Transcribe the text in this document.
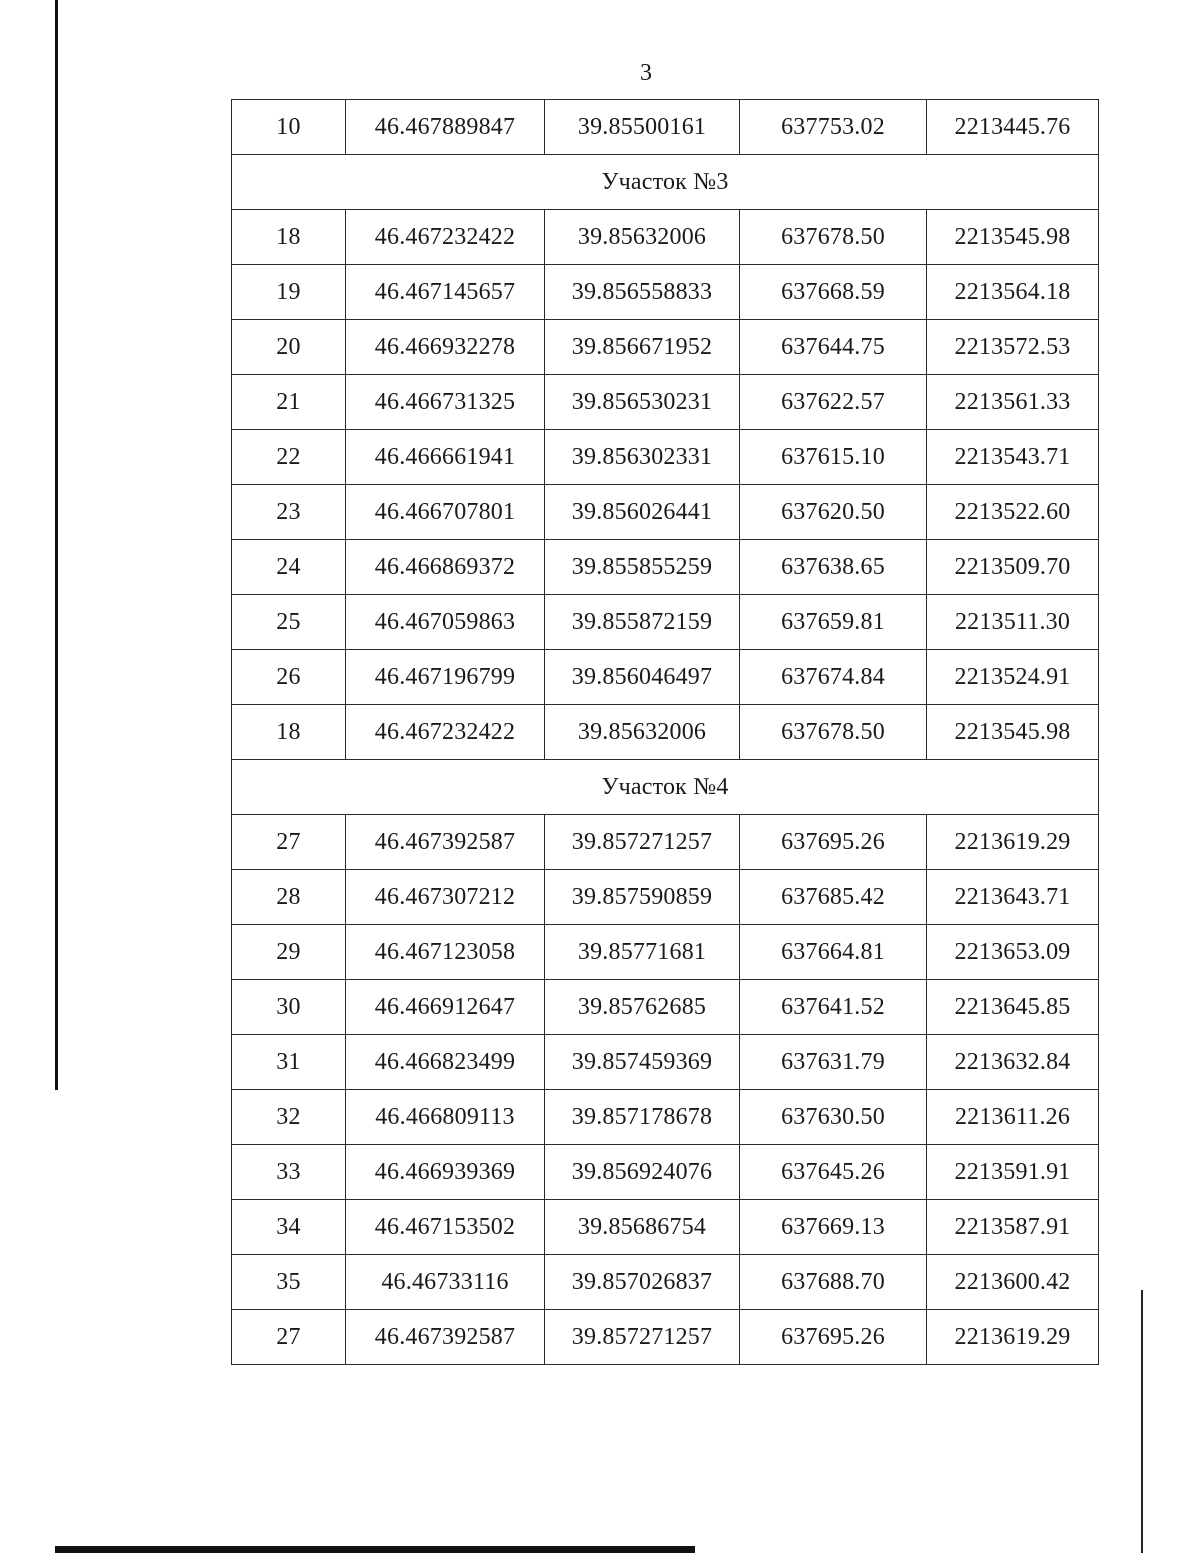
3
10	46.467889847	39.85500161	637753.02	2213445.76
Участок №3				
18	46.467232422	39.85632006	637678.50	2213545.98
19	46.467145657	39.856558833	637668.59	2213564.18
20	46.466932278	39.856671952	637644.75	2213572.53
21	46.466731325	39.856530231	637622.57	2213561.33
22	46.466661941	39.856302331	637615.10	2213543.71
23	46.466707801	39.856026441	637620.50	2213522.60
24	46.466869372	39.855855259	637638.65	2213509.70
25	46.467059863	39.855872159	637659.81	2213511.30
26	46.467196799	39.856046497	637674.84	2213524.91
18	46.467232422	39.85632006	637678.50	2213545.98
Участок №4				
27	46.467392587	39.857271257	637695.26	2213619.29
28	46.467307212	39.857590859	637685.42	2213643.71
29	46.467123058	39.85771681	637664.81	2213653.09
30	46.466912647	39.85762685	637641.52	2213645.85
31	46.466823499	39.857459369	637631.79	2213632.84
32	46.466809113	39.857178678	637630.50	2213611.26
33	46.466939369	39.856924076	637645.26	2213591.91
34	46.467153502	39.85686754	637669.13	2213587.91
35	46.46733116	39.857026837	637688.70	2213600.42
27	46.467392587	39.857271257	637695.26	2213619.29
